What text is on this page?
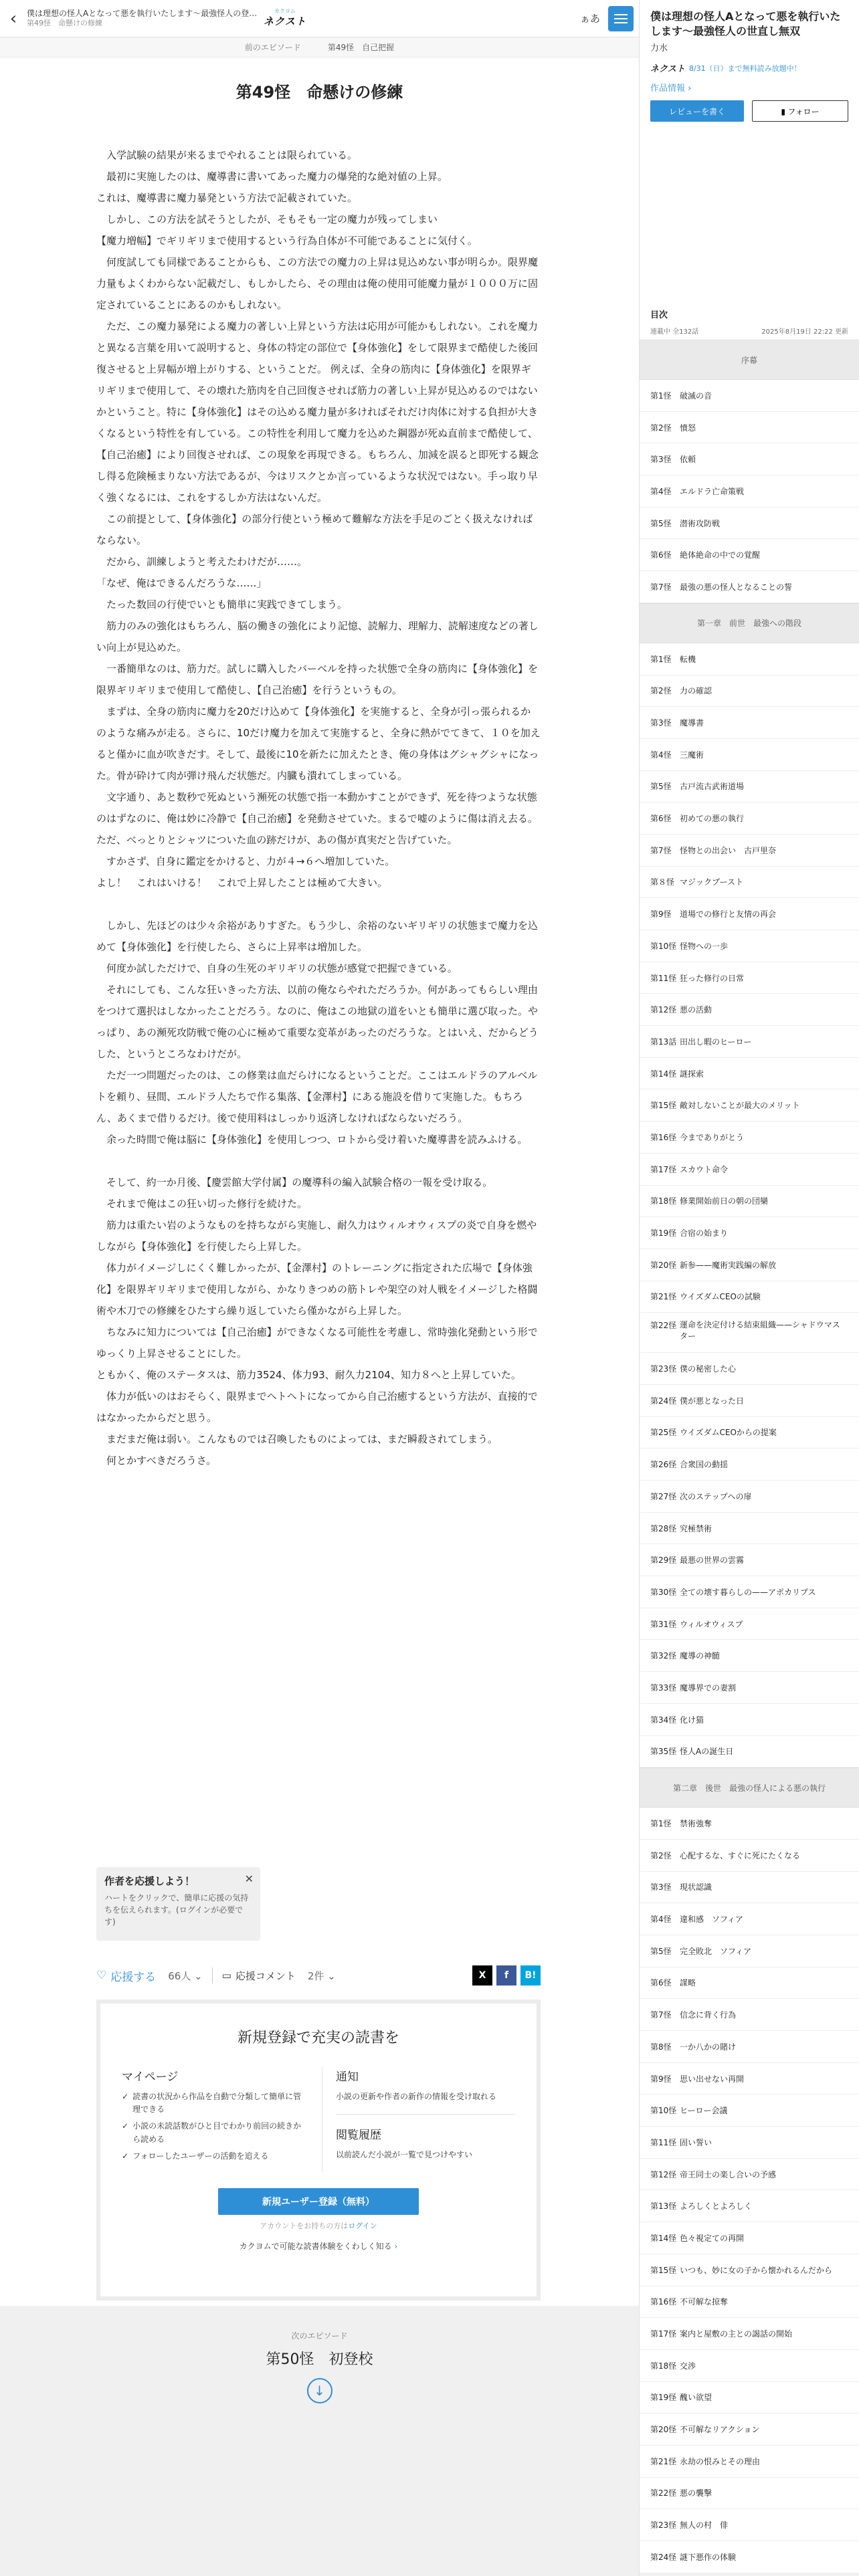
‹	僕は理想の怪人Aとなって悪を執行いたします〜最強怪人の登…
第49怪　命懸けの修練
カクヨム
ネクスト	ぁあ
前のエピソード	第49怪　自己把握
第49怪　命懸けの修練

　入学試験の結果が来るまでやれることは限られている。

　最初に実施したのは、魔導書に書いてあった魔力の爆発的な絶対値の上昇。

これは、魔導書に魔力暴発という方法で記載されていた。

　しかし、この方法を試そうとしたが、そもそも一定の魔力が残ってしまい

【魔力増幅】でギリギリまで使用するという行為自体が不可能であることに気付く。

　何度試しても同様であることからも、この方法での魔力の上昇は見込めない事が明らか。限界魔力量もよくわからない記載だし、もしかしたら、その理由は俺の使用可能魔力量が１０００万に固定されていることにあるのかもしれない。

　ただ、この魔力暴発による魔力の著しい上昇という方法は応用が可能かもしれない。これを魔力と異なる言葉を用いて説明すると、身体の特定の部位で【身体強化】をして限界まで酷使した後回復させると上昇幅が増上がりする、ということだ。 例えば、全身の筋肉に【身体強化】を限界ギリギリまで使用して、その壊れた筋肉を自己回復させれば筋力の著しい上昇が見込めるのではないかということ。特に【身体強化】はその込める魔力量が多ければそれだけ肉体に対する負担が大きくなるという特性を有している。この特性を利用して魔力を込めた鋼器が死ぬ直前まで酷使して、【自己治癒】により回復させれば、この現象を再現できる。もちろん、加減を誤ると即死する観念し得る危険極まりない方法であるが、今はリスクとか言っているような状況ではない。手っ取り早く強くなるには、これをするしか方法はないんだ。

　この前提として、【身体強化】の部分行使という極めて難解な方法を手足のごとく扱えなければならない。

　だから、訓練しようと考えたわけだが……。

「なぜ、俺はできるんだろうな……」

　たった数回の行使でいとも簡単に実践できてしまう。

　筋力のみの強化はもちろん、脳の働きの強化により記憶、読解力、理解力、読解速度などの著しい向上が見込めた。

　一番簡単なのは、筋力だ。試しに購入したバーベルを持った状態で全身の筋肉に【身体強化】を限界ギリギリまで使用して酷使し、【自己治癒】を行うというもの。

　まずは、全身の筋肉に魔力を20だけ込めて【身体強化】を実施すると、全身が引っ張られるかのような痛みが走る。さらに、10だけ魔力を加えて実施すると、全身に熱がでてきて、１０を加えると僅かに血が吹きだす。そして、最後に10を新たに加えたとき、俺の身体はグシャグシャになった。骨が砕けて肉が弾け飛んだ状態だ。内臓も潰れてしまっている。

　文字通り、あと数秒で死ぬという瀕死の状態で指一本動かすことができず、死を待つような状態のはずなのに、俺は妙に冷静で【自己治癒】を発動させていた。まるで嘘のように傷は消え去る。ただ、べっとりとシャツについた血の跡だけが、あの傷が真実だと告げていた。

　すかさず、自身に鑑定をかけると、力が４→６へ増加していた。

よし！　これはいける！　これで上昇したことは極めて大きい。

　しかし、先ほどのは少々余裕がありすぎた。もう少し、余裕のないギリギリの状態まで魔力を込めて【身体強化】を行使したら、さらに上昇率は増加した。

　何度か試しただけで、自身の生死のギリギリの状態が感覚で把握できている。

　それにしても、こんな狂いきった方法、以前の俺ならやれただろうか。何があってもらしい理由をつけて選択はしなかったことだろう。なのに、俺はこの地獄の道をいとも簡単に選び取った。やっぱり、あの瀕死攻防戦で俺の心に極めて重要な変革があったのだろうな。とはいえ、だからどうした、というところなわけだが。

　ただ一つ問題だったのは、この修業は血だらけになるということだ。ここはエルドラのアルベルトを頼り、昼間、エルドラ人たちで作る集落、【金澤村】にある施設を借りて実施した。もちろん、あくまで借りるだけ。後で使用料はしっかり返済しなければならないだろう。

　余った時間で俺は脳に【身体強化】を使用しつつ、ロトから受け着いた魔導書を読みふける。

　そして、約一か月後、【慶雲館大学付属】の魔導科の編入試験合格の一報を受け取る。

　それまで俺はこの狂い切った修行を続けた。

　筋力は重たい岩のようなものを持ちながら実施し、耐久力はウィルオウィスプの炎で自身を燃やしながら【身体強化】を行使したら上昇した。

　体力がイメージしにくく難しかったが、【金澤村】のトレーニングに指定された広場で【身体強化】を限界ギリギリまで使用しながら、かなりきつめの筋トレや架空の対人戦をイメージした格闘術や木刀での修練をひたすら繰り返していたら僅かながら上昇した。

　ちなみに知力については【自己治癒】ができなくなる可能性を考慮し、常時強化発動という形でゆっくり上昇させることにした。

ともかく、俺のステータスは、筋力3524、体力93、耐久力2104、知力８へと上昇していた。

　体力が低いのはおそらく、限界までヘトヘトになってから自己治癒するという方法が、直接的ではなかったからだと思う。

　まだまだ俺は弱い。こんなものでは召喚したものによっては、まだ瞬殺されてしまう。

　何とかすべきだろうさ。

作者を応援しよう！
ハートをクリックで、簡単に応援の気持ちを伝えられます。(ログインが必要です)
✕
♡ 応援する 66人 ⌄ ▭ 応援コメント 2件 ⌄	X	f	B!
新規登録で充実の読書を
マイページ
✓ 読書の状況から作品を自動で分類して簡単に管理できる
✓ 小説の未読話数がひと目でわかり前回の続きから読める
✓ フォローしたユーザーの活動を追える
通知
小説の更新や作者の新作の情報を受け取れる
閲覧履歴
以前読んだ小説が一覧で見つけやすい
新規ユーザー登録（無料）
アカウントをお持ちの方はログイン
カクヨムで可能な読書体験をくわしく知る ›
次のエピソード
第50怪　初登校
↓
僕は理想の怪人Aとなって悪を執行いたします〜最強怪人の世直し無双
力水
ネクスト 8/31（日）まで無料読み放題中！
作品情報 ›
レビューを書く	▮ フォロー
目次
連載中 全132話	2025年8月19日 22:22 更新
序幕
第1怪	破滅の音
第2怪	憤怒
第3怪	依頼
第4怪	エルドラ亡命策戦
第5怪	潜術攻防戦
第6怪	絶体絶命の中での覚醒
第7怪	最強の悪の怪人となることの誓
第一章　前世　最強への階段
第1怪	転機
第2怪	力の確認
第3怪	魔導書
第4怪	三魔術
第5怪	古戸流古武術道場
第6怪	初めての悪の執行
第7怪	怪物との出会い　古戸里奈
第８怪 マジックブースト
第9怪	道場での修行と友情の再会
第10怪 怪物への一歩
第11怪 狂った修行の日常
第12怪 悪の活動
第13話 田出し暇のヒーロー
第14怪 謎探索
第15怪 敵対しないことが最大のメリット
第16怪 今までありがとう
第17怪 スカウト命令
第18怪 修業開始前日の朝の団欒
第19怪 合宿の始まり
第20怪 新参——魔術実践編の解放
第21怪 ウイズダムCEOの試験
第22怪 運命を決定付ける結束組織——シャドウマスター
第23怪 僕の秘密した心
第24怪 僕が悪となった日
第25怪 ウイズダムCEOからの提案
第26怪 合衆国の動揺
第27怪 次のステップへの扉
第28怪 究極禁術
第29怪 最悪の世界の雲霧
第30怪 全ての壊す暮らしの——アポカリプス
第31怪 ウィルオウィスプ
第32怪 魔導の神髄
第33怪 魔導界での妻割
第34怪 化け猫
第35怪 怪人Aの誕生日
第二章　後世　最強の怪人による悪の執行
第1怪	禁術強奪
第2怪	心配するな、すぐに死にたくなる
第3怪	現状認識
第4怪	違和感　ソフィア
第5怪	完全敗北　ソフィア
第6怪	謀略
第7怪	信念に背く行為
第8怪	一か八かの賭け
第9怪	思い出せない再開
第10怪 ヒーロー会議
第11怪 固い誓い
第12怪 帝王同士の楽し合いの予感
第13怪 よろしくとよろしく
第14怪 色々視定ての再開
第15怪 いつも、妙に女の子から懐かれるんだから
第16怪 不可解な掠奪
第17怪 案内と屋敷の主との謁話の開始
第18怪 交渉
第19怪 醜い欲望
第20怪 不可解なリアクション
第21怪 永劫の恨みとその理由
第22怪 悪の襲撃
第23怪 無人の村　俳
第24怪 謎下悪作の体験
